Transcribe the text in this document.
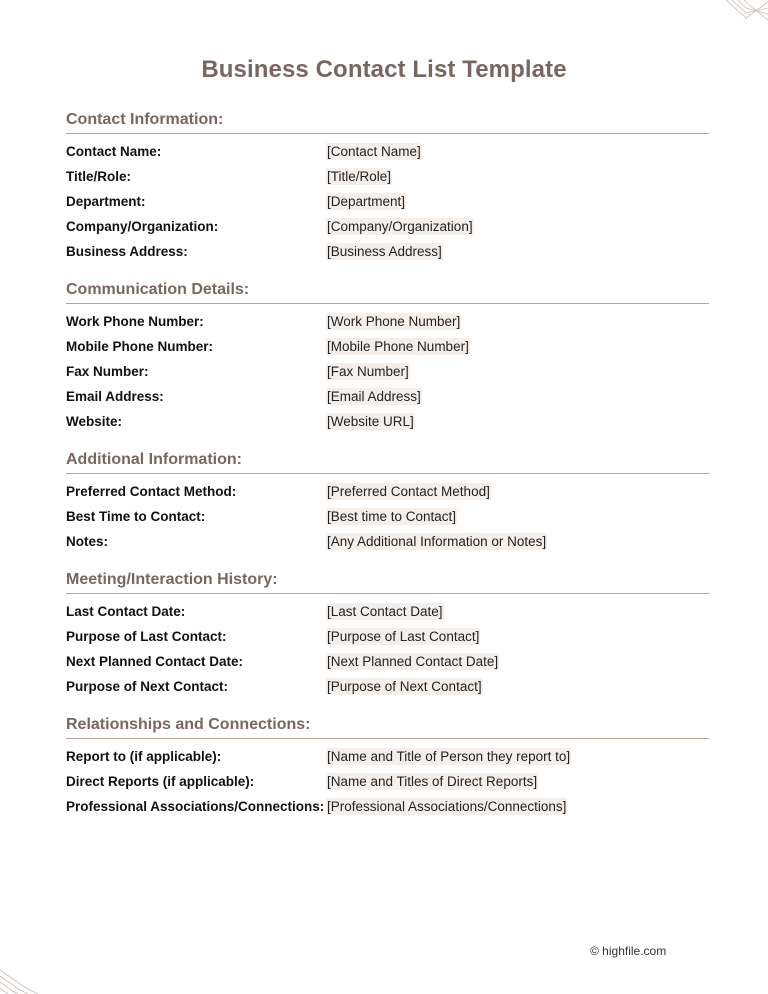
Business Contact List Template
Contact Information:
Contact Name:	[Contact Name]
Title/Role:	[Title/Role]
Department:	[Department]
Company/Organization:	[Company/Organization]
Business Address:	[Business Address]
Communication Details:
Work Phone Number:	[Work Phone Number]
Mobile Phone Number:	[Mobile Phone Number]
Fax Number:	[Fax Number]
Email Address:	[Email Address]
Website:	[Website URL]
Additional Information:
Preferred Contact Method:	[Preferred Contact Method]
Best Time to Contact:	[Best time to Contact]
Notes:	[Any Additional Information or Notes]
Meeting/Interaction History:
Last Contact Date:	[Last Contact Date]
Purpose of Last Contact:	[Purpose of Last Contact]
Next Planned Contact Date:	[Next Planned Contact Date]
Purpose of Next Contact:	[Purpose of Next Contact]
Relationships and Connections:
Report to (if applicable):	[Name and Title of Person they report to]
Direct Reports (if applicable):	[Name and Titles of Direct Reports]
Professional Associations/Connections: [Professional Associations/Connections]
© highfile.com
